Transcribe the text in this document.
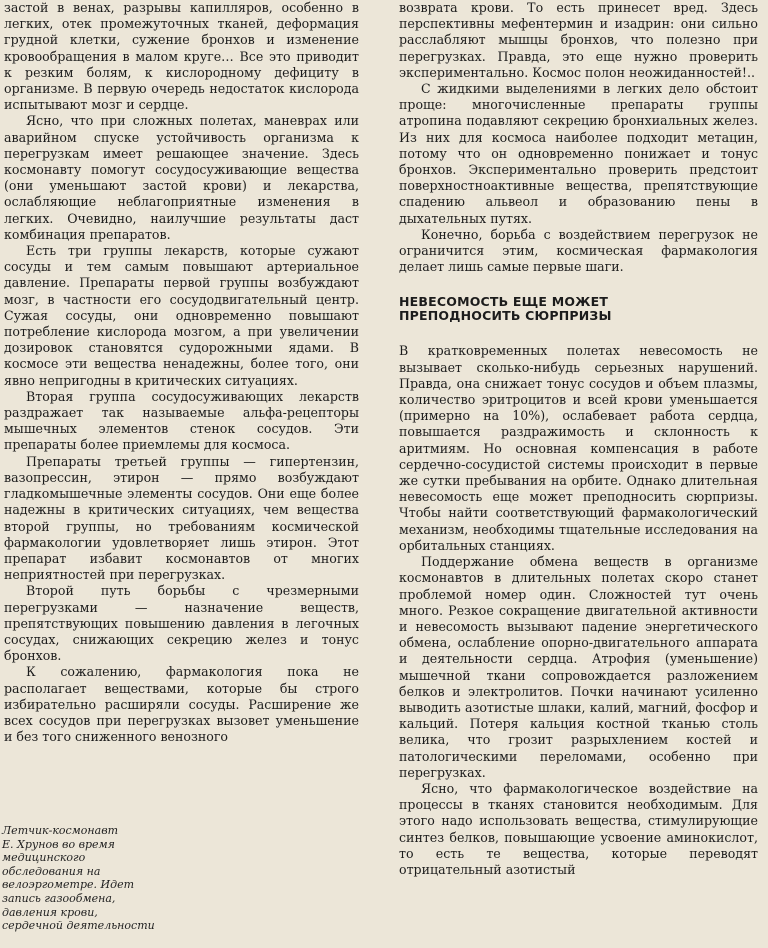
застой в венах, разрывы капилляров, особенно в легких, отек промежуточных тканей, деформация грудной клетки, сужение бронхов и изменение кровообращения в малом круге… Все это приводит к резким болям, к кислородному дефициту в организме. В первую очередь недостаток кислорода испытывают мозг и сердце.

Ясно, что при сложных полетах, маневрах или аварийном спуске устойчивость организма к перегрузкам имеет решающее значение. Здесь космонавту помогут сосудосуживающие вещества (они уменьшают застой крови) и лекарства, ослабляющие неблагоприятные изменения в легких. Очевидно, наилучшие результаты даст комбинация препаратов.

Есть три группы лекарств, которые сужают сосуды и тем самым повышают артериальное давление. Препараты первой группы возбуждают мозг, в частности его сосудодвигательный центр. Сужая сосуды, они одновременно повышают потребление кислорода мозгом, а при увеличении дозировок становятся судорожными ядами. В космосе эти вещества ненадежны, более того, они явно непригодны в критических ситуациях.

Вторая группа сосудосуживающих лекарств раздражает так называемые альфа-рецепторы мышечных элементов стенок сосудов. Эти препараты более приемлемы для космоса.

Препараты третьей группы — гипертензин, вазопрессин, этирон — прямо возбуждают гладкомышечные элементы сосудов. Они еще более надежны в критических ситуациях, чем вещества второй группы, но требованиям космической фармакологии удовлетворяет лишь этирон. Этот препарат избавит космонавтов от многих неприятностей при перегрузках.

Второй путь борьбы с чрезмерными перегрузками — назначение веществ, препятствующих повышению давления в легочных сосудах, снижающих секрецию желез и тонус бронхов.

К сожалению, фармакология пока не располагает веществами, которые бы строго избирательно расширяли сосуды. Расширение же всех сосудов при перегрузках вызовет уменьшение и без того сниженного венозного

Летчик-космонавт

Е. Хрунов во время

медицинского

обследования на

велоэргометре. Идет

запись газообмена,

давления крови,

сердечной деятельности

возврата крови. То есть принесет вред. Здесь перспективны мефентермин и изадрин: они сильно расслабляют мышцы бронхов, что полезно при перегрузках. Правда, это еще нужно проверить экспериментально. Космос полон неожиданностей!..

С жидкими выделениями в легких дело обстоит проще: многочисленные препараты группы атропина подавляют секрецию бронхиальных желез. Из них для космоса наиболее подходит метацин, потому что он одновременно понижает и тонус бронхов. Экспериментально проверить предстоит поверхностноактивные вещества, препятствующие спадению альвеол и образованию пены в дыхательных путях.

Конечно, борьба с воздействием перегрузок не ограничится этим, космическая фармакология делает лишь самые первые шаги.

НЕВЕСОМОСТЬ ЕЩЕ МОЖЕТ
ПРЕПОДНОСИТЬ СЮРПРИЗЫ

В кратковременных полетах невесомость не вызывает сколько-нибудь серьезных нарушений. Правда, она снижает тонус сосудов и объем плазмы, количество эритроцитов и всей крови уменьшается (примерно на 10%), ослабевает работа сердца, повышается раздражимость и склонность к аритмиям. Но основная компенсация в работе сердечно-сосудистой системы происходит в первые же сутки пребывания на орбите. Однако длительная невесомость еще может преподносить сюрпризы. Чтобы найти соответствующий фармакологический механизм, необходимы тщательные исследования на орбитальных станциях.

Поддержание обмена веществ в организме космонавтов в длительных полетах скоро станет проблемой номер один. Сложностей тут очень много. Резкое сокращение двигательной активности и невесомость вызывают падение энергетического обмена, ослабление опорно-двигательного аппарата и деятельности сердца. Атрофия (уменьшение) мышечной ткани сопровождается разложением белков и электролитов. Почки начинают усиленно выводить азотистые шлаки, калий, магний, фосфор и кальций. Потеря кальция костной тканью столь велика, что грозит разрыхлением костей и патологическими переломами, особенно при перегрузках.

Ясно, что фармакологическое воздействие на процессы в тканях становится необходимым. Для этого надо использовать вещества, стимулирующие синтез белков, повышающие усвоение аминокислот, то есть те вещества, которые переводят отрицательный азотистый
